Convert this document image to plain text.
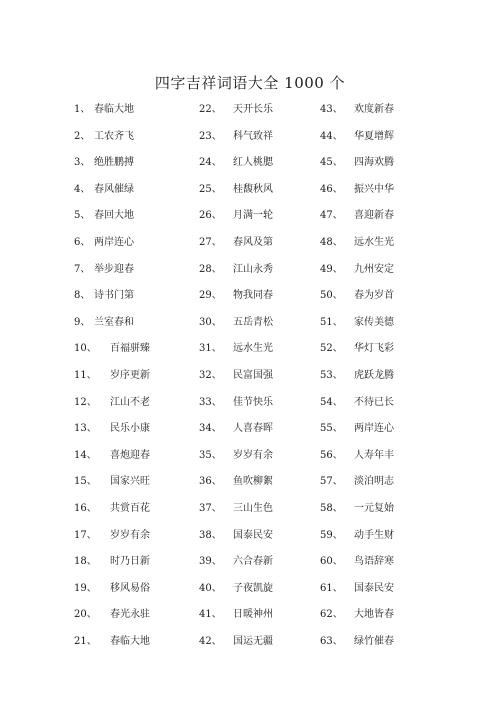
四字吉祥词语大全 1000 个
1、 春临大地
2、 工农齐飞
3、 绝胜鹏搏
4、 春风催绿
5、 春回大地
6、 两岸连心
7、 举步迎春
8、 诗书门第
9、 兰室春和
10、 百福骈臻
11、 岁序更新
12、 江山不老
13、 民乐小康
14、 喜炮迎春
15、 国家兴旺
16、 共赏百花
17、 岁岁有余
18、 时乃日新
19、 移风易俗
20、 春光永驻
21、 春临大地
22、 天开长乐
23、 科气致祥
24、 红人桃腮
25、 桂馥秋风
26、 月满一轮
27、 春风及第
28、 江山永秀
29、 物我同春
30、 五岳青松
31、 远水生光
32、 民富国强
33、 佳节快乐
34、 人喜春晖
35、 岁岁有余
36、 鱼吹柳絮
37、 三山生色
38、 国泰民安
39、 六合春新
40、 子夜凯旋
41、 日暖神州
42、 国运无疆
43、 欢度新春
44、 华夏增辉
45、 四海欢腾
46、 振兴中华
47、 喜迎新春
48、 远水生光
49、 九州安定
50、 春为岁首
51、 家传美德
52、 华灯飞彩
53、 虎跃龙腾
54、 不待已长
55、 两岸连心
56、 人寿年丰
57、 淡泊明志
58、 一元复始
59、 动手生财
60、 鸟语辞寒
61、 国泰民安
62、 大地皆春
63、 绿竹催春
